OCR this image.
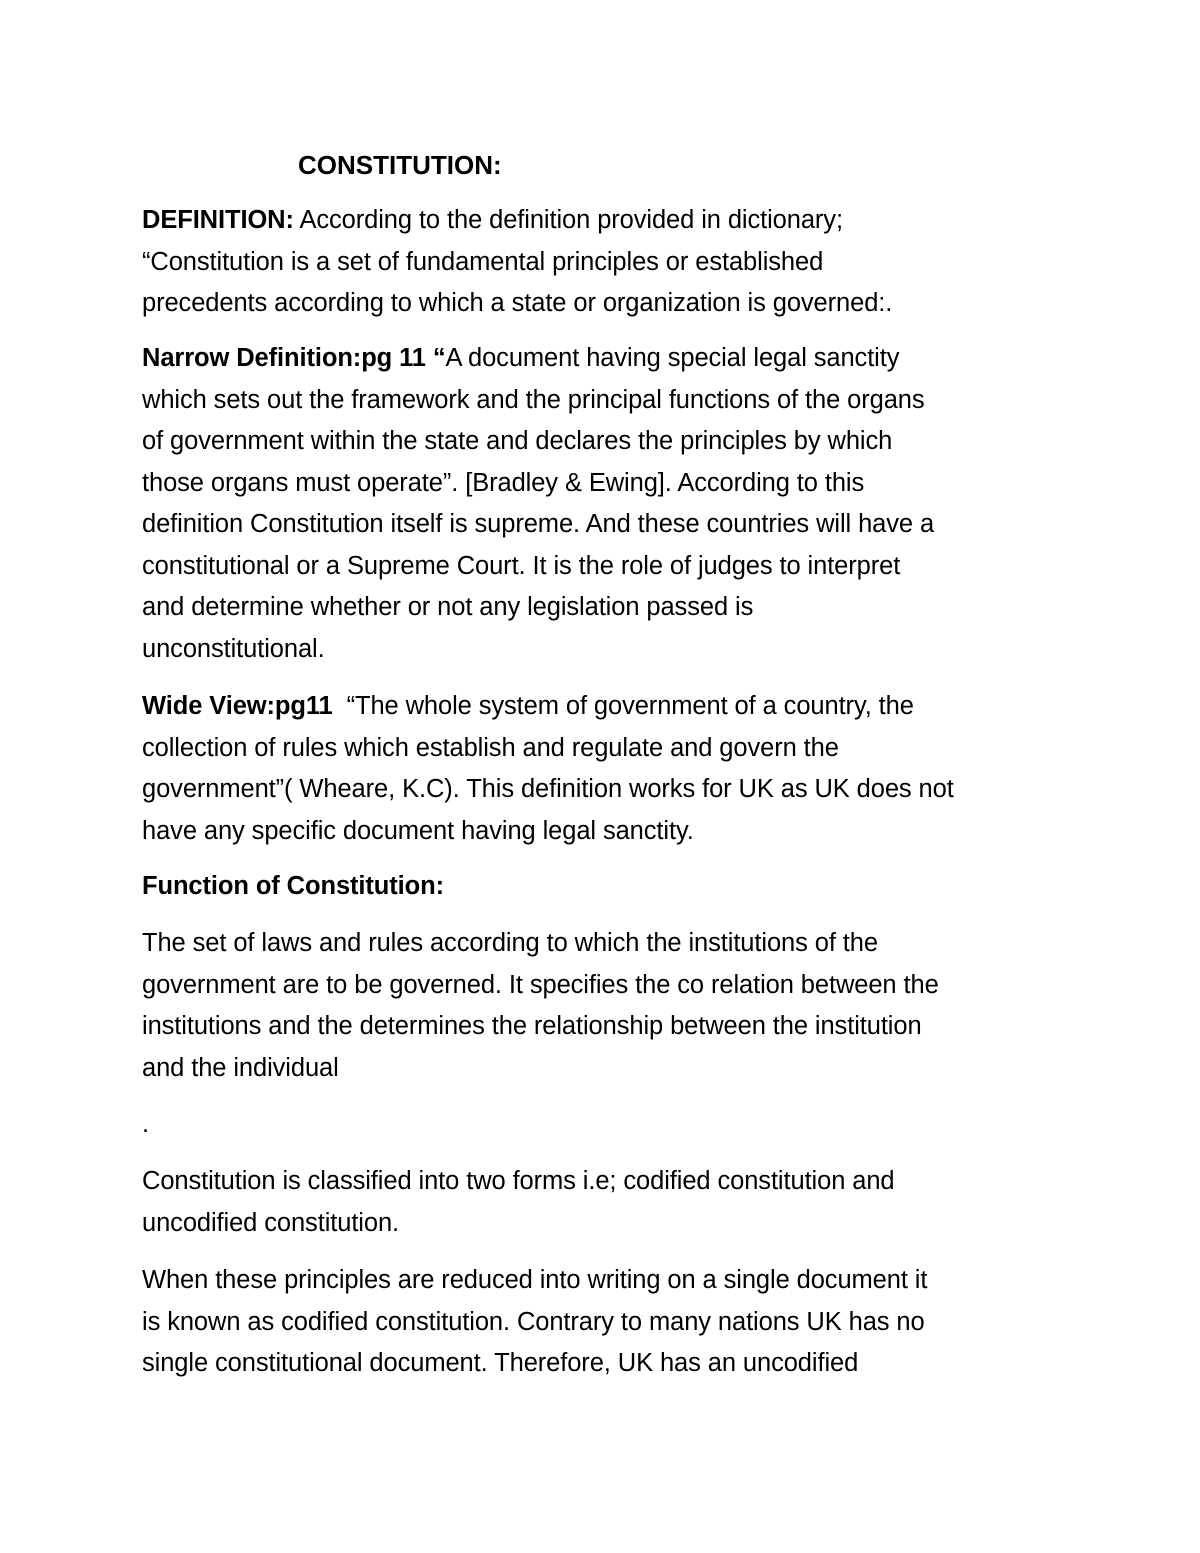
CONSTITUTION:

DEFINITION: According to the definition provided in dictionary;
“Constitution is a set of fundamental principles or established
precedents according to which a state or organization is governed:.

Narrow Definition:pg 11 “A document having special legal sanctity
which sets out the framework and the principal functions of the organs
of government within the state and declares the principles by which
those organs must operate”. [Bradley & Ewing]. According to this
definition Constitution itself is supreme. And these countries will have a
constitutional or a Supreme Court. It is the role of judges to interpret
and determine whether or not any legislation passed is
unconstitutional.

Wide View:pg11  “The whole system of government of a country, the
collection of rules which establish and regulate and govern the
government”( Wheare, K.C). This definition works for UK as UK does not
have any specific document having legal sanctity.

Function of Constitution:

The set of laws and rules according to which the institutions of the
government are to be governed. It specifies the co relation between the
institutions and the determines the relationship between the institution
and the individual

.

Constitution is classified into two forms i.e; codified constitution and
uncodified constitution.

When these principles are reduced into writing on a single document it
is known as codified constitution. Contrary to many nations UK has no
single constitutional document. Therefore, UK has an uncodified
